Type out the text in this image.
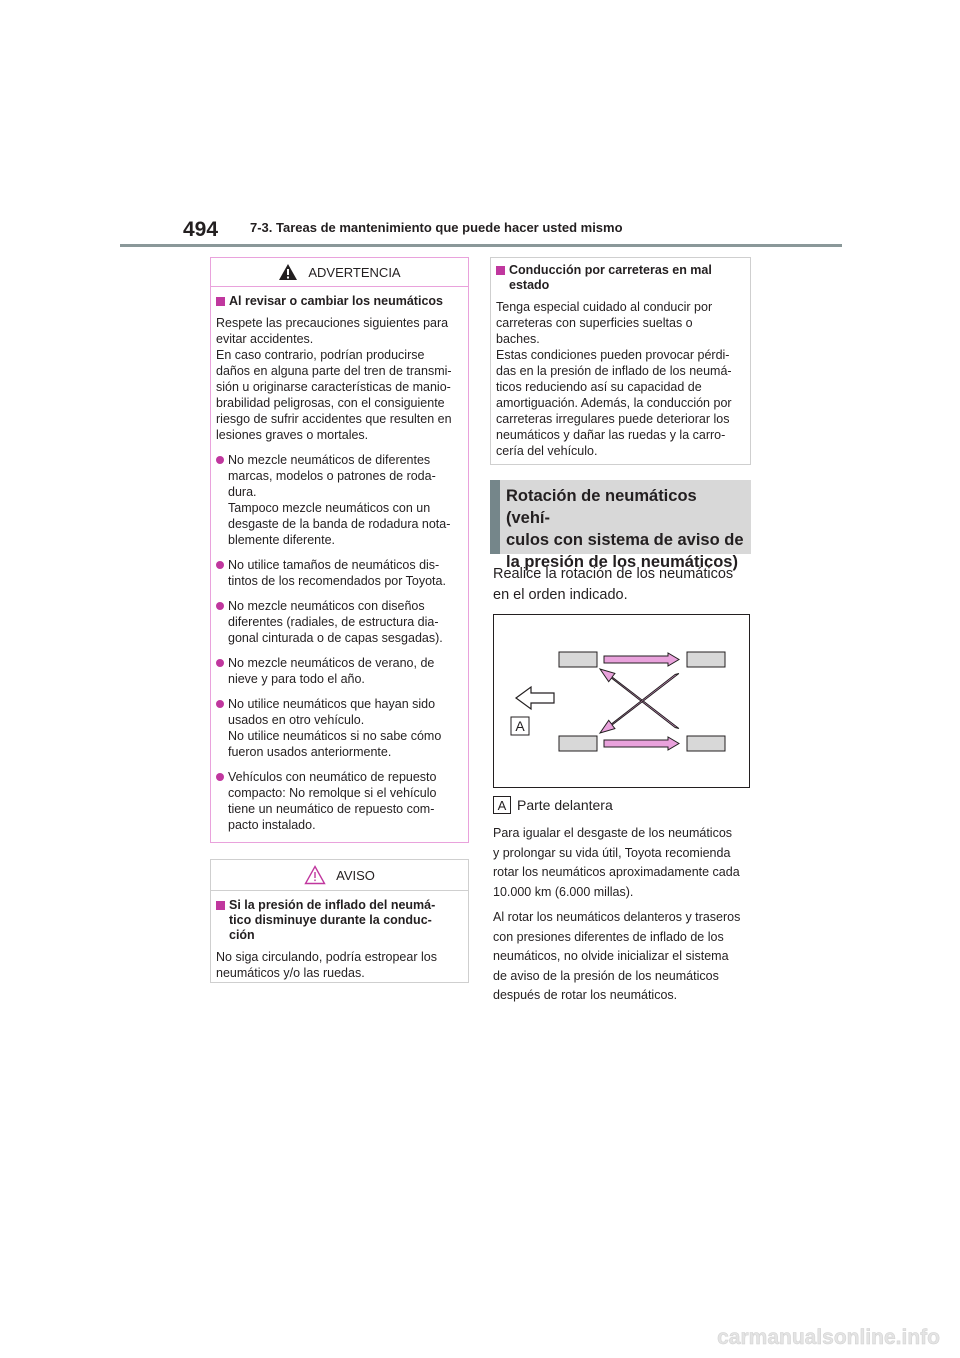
494 7-3. Tareas de mantenimiento que puede hacer usted mismo
ADVERTENCIA
Al revisar o cambiar los neumáticos

Respete las precauciones siguientes para
evitar accidentes.
En caso contrario, podrían producirse
daños en alguna parte del tren de transmi-
sión u originarse características de manio-
brabilidad peligrosas, con el consiguiente
riesgo de sufrir accidentes que resulten en
lesiones graves o mortales.

No mezcle neumáticos de diferentes
marcas, modelos o patrones de roda-
dura.
Tampoco mezcle neumáticos con un
desgaste de la banda de rodadura nota-
blemente diferente.
No utilice tamaños de neumáticos dis-
tintos de los recomendados por Toyota.
No mezcle neumáticos con diseños
diferentes (radiales, de estructura dia-
gonal cinturada o de capas sesgadas).
No mezcle neumáticos de verano, de
nieve y para todo el año.
No utilice neumáticos que hayan sido
usados en otro vehículo.
No utilice neumáticos si no sabe cómo
fueron usados anteriormente.
Vehículos con neumático de repuesto
compacto: No remolque si el vehículo
tiene un neumático de repuesto com-
pacto instalado.
AVISO
Si la presión de inflado del neumá-
tico disminuye durante la conduc-
ción

No siga circulando, podría estropear los
neumáticos y/o las ruedas.

Conducción por carreteras en mal
estado

Tenga especial cuidado al conducir por
carreteras con superficies sueltas o
baches.
Estas condiciones pueden provocar pérdi-
das en la presión de inflado de los neumá-
ticos reduciendo así su capacidad de
amortiguación. Además, la conducción por
carreteras irregulares puede deteriorar los
neumáticos y dañar las ruedas y la carro-
cería del vehículo.

Rotación de neumáticos (vehí-
culos con sistema de aviso de
la presión de los neumáticos)
Realice la rotación de los neumáticos
en el orden indicado.
A
A Parte delantera

Para igualar el desgaste de los neumáticos
y prolongar su vida útil, Toyota recomienda
rotar los neumáticos aproximadamente cada
10.000 km (6.000 millas).

Al rotar los neumáticos delanteros y traseros
con presiones diferentes de inflado de los
neumáticos, no olvide inicializar el sistema
de aviso de la presión de los neumáticos
después de rotar los neumáticos.

carmanualsonline.info
